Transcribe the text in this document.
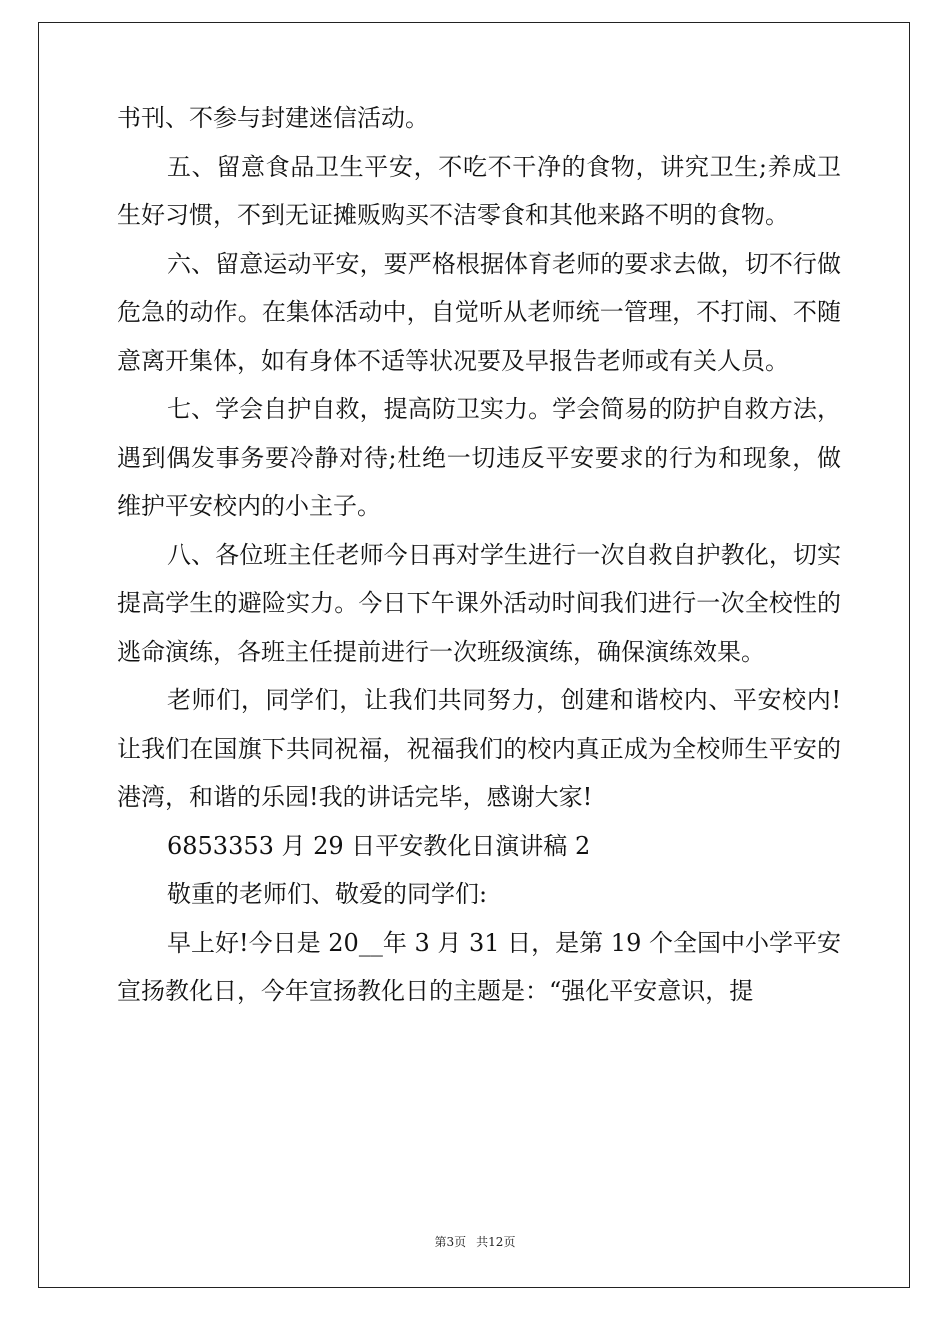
书刊、不参与封建迷信活动。

五、留意食品卫生平安，不吃不干净的食物，讲究卫生;养成卫生好习惯，不到无证摊贩购买不洁零食和其他来路不明的食物。

六、留意运动平安，要严格根据体育老师的要求去做，切不行做危急的动作。在集体活动中，自觉听从老师统一管理，不打闹、不随意离开集体，如有身体不适等状况要及早报告老师或有关人员。

七、学会自护自救，提高防卫实力。学会简易的防护自救方法，遇到偶发事务要冷静对待;杜绝一切违反平安要求的行为和现象，做维护平安校内的小主子。

八、各位班主任老师今日再对学生进行一次自救自护教化，切实提高学生的避险实力。今日下午课外活动时间我们进行一次全校性的逃命演练，各班主任提前进行一次班级演练，确保演练效果。

老师们，同学们，让我们共同努力，创建和谐校内、平安校内!让我们在国旗下共同祝福，祝福我们的校内真正成为全校师生平安的港湾，和谐的乐园!我的讲话完毕，感谢大家!

6853353 月 29 日平安教化日演讲稿 2

敬重的老师们、敬爱的同学们:

早上好!今日是 20__年 3 月 31 日，是第 19 个全国中小学平安宣扬教化日，今年宣扬教化日的主题是：“强化平安意识，提

第3页 共12页
